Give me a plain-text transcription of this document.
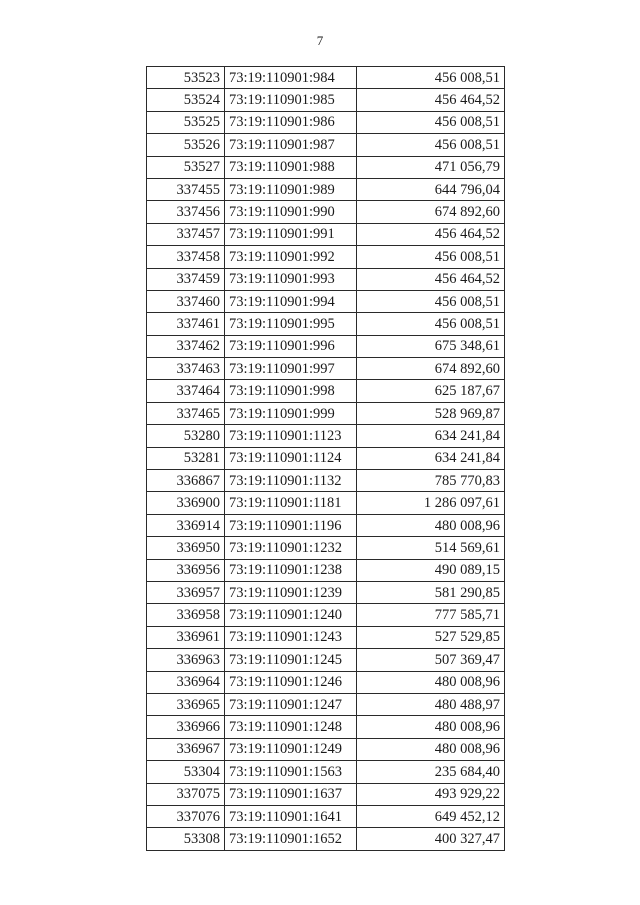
7
53523	73:19:110901:984	456 008,51
53524	73:19:110901:985	456 464,52
53525	73:19:110901:986	456 008,51
53526	73:19:110901:987	456 008,51
53527	73:19:110901:988	471 056,79
337455	73:19:110901:989	644 796,04
337456	73:19:110901:990	674 892,60
337457	73:19:110901:991	456 464,52
337458	73:19:110901:992	456 008,51
337459	73:19:110901:993	456 464,52
337460	73:19:110901:994	456 008,51
337461	73:19:110901:995	456 008,51
337462	73:19:110901:996	675 348,61
337463	73:19:110901:997	674 892,60
337464	73:19:110901:998	625 187,67
337465	73:19:110901:999	528 969,87
53280	73:19:110901:1123	634 241,84
53281	73:19:110901:1124	634 241,84
336867	73:19:110901:1132	785 770,83
336900	73:19:110901:1181	1 286 097,61
336914	73:19:110901:1196	480 008,96
336950	73:19:110901:1232	514 569,61
336956	73:19:110901:1238	490 089,15
336957	73:19:110901:1239	581 290,85
336958	73:19:110901:1240	777 585,71
336961	73:19:110901:1243	527 529,85
336963	73:19:110901:1245	507 369,47
336964	73:19:110901:1246	480 008,96
336965	73:19:110901:1247	480 488,97
336966	73:19:110901:1248	480 008,96
336967	73:19:110901:1249	480 008,96
53304	73:19:110901:1563	235 684,40
337075	73:19:110901:1637	493 929,22
337076	73:19:110901:1641	649 452,12
53308	73:19:110901:1652	400 327,47
